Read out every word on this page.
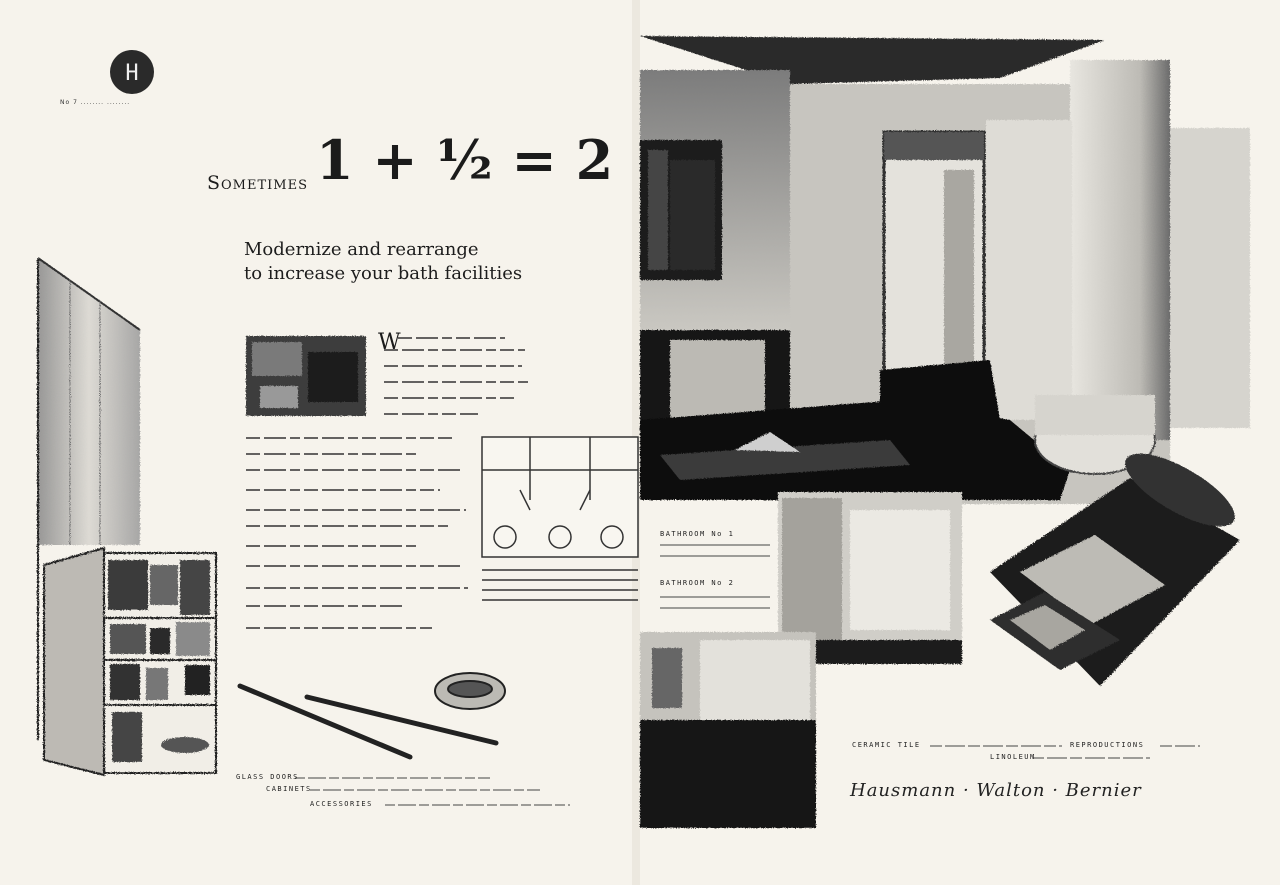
H
No 7 ........ ........
Sometimes 1 + ½ = 2
Modernize and rearrange
to increase your bath facilities
W
BATHROOM No 1
BATHROOM No 2
GLASS DOORS
CABINETS
ACCESSORIES
CERAMIC TILE	REPRODUCTIONS
LINOLEUM
Hausmann · Walton · Bernier
